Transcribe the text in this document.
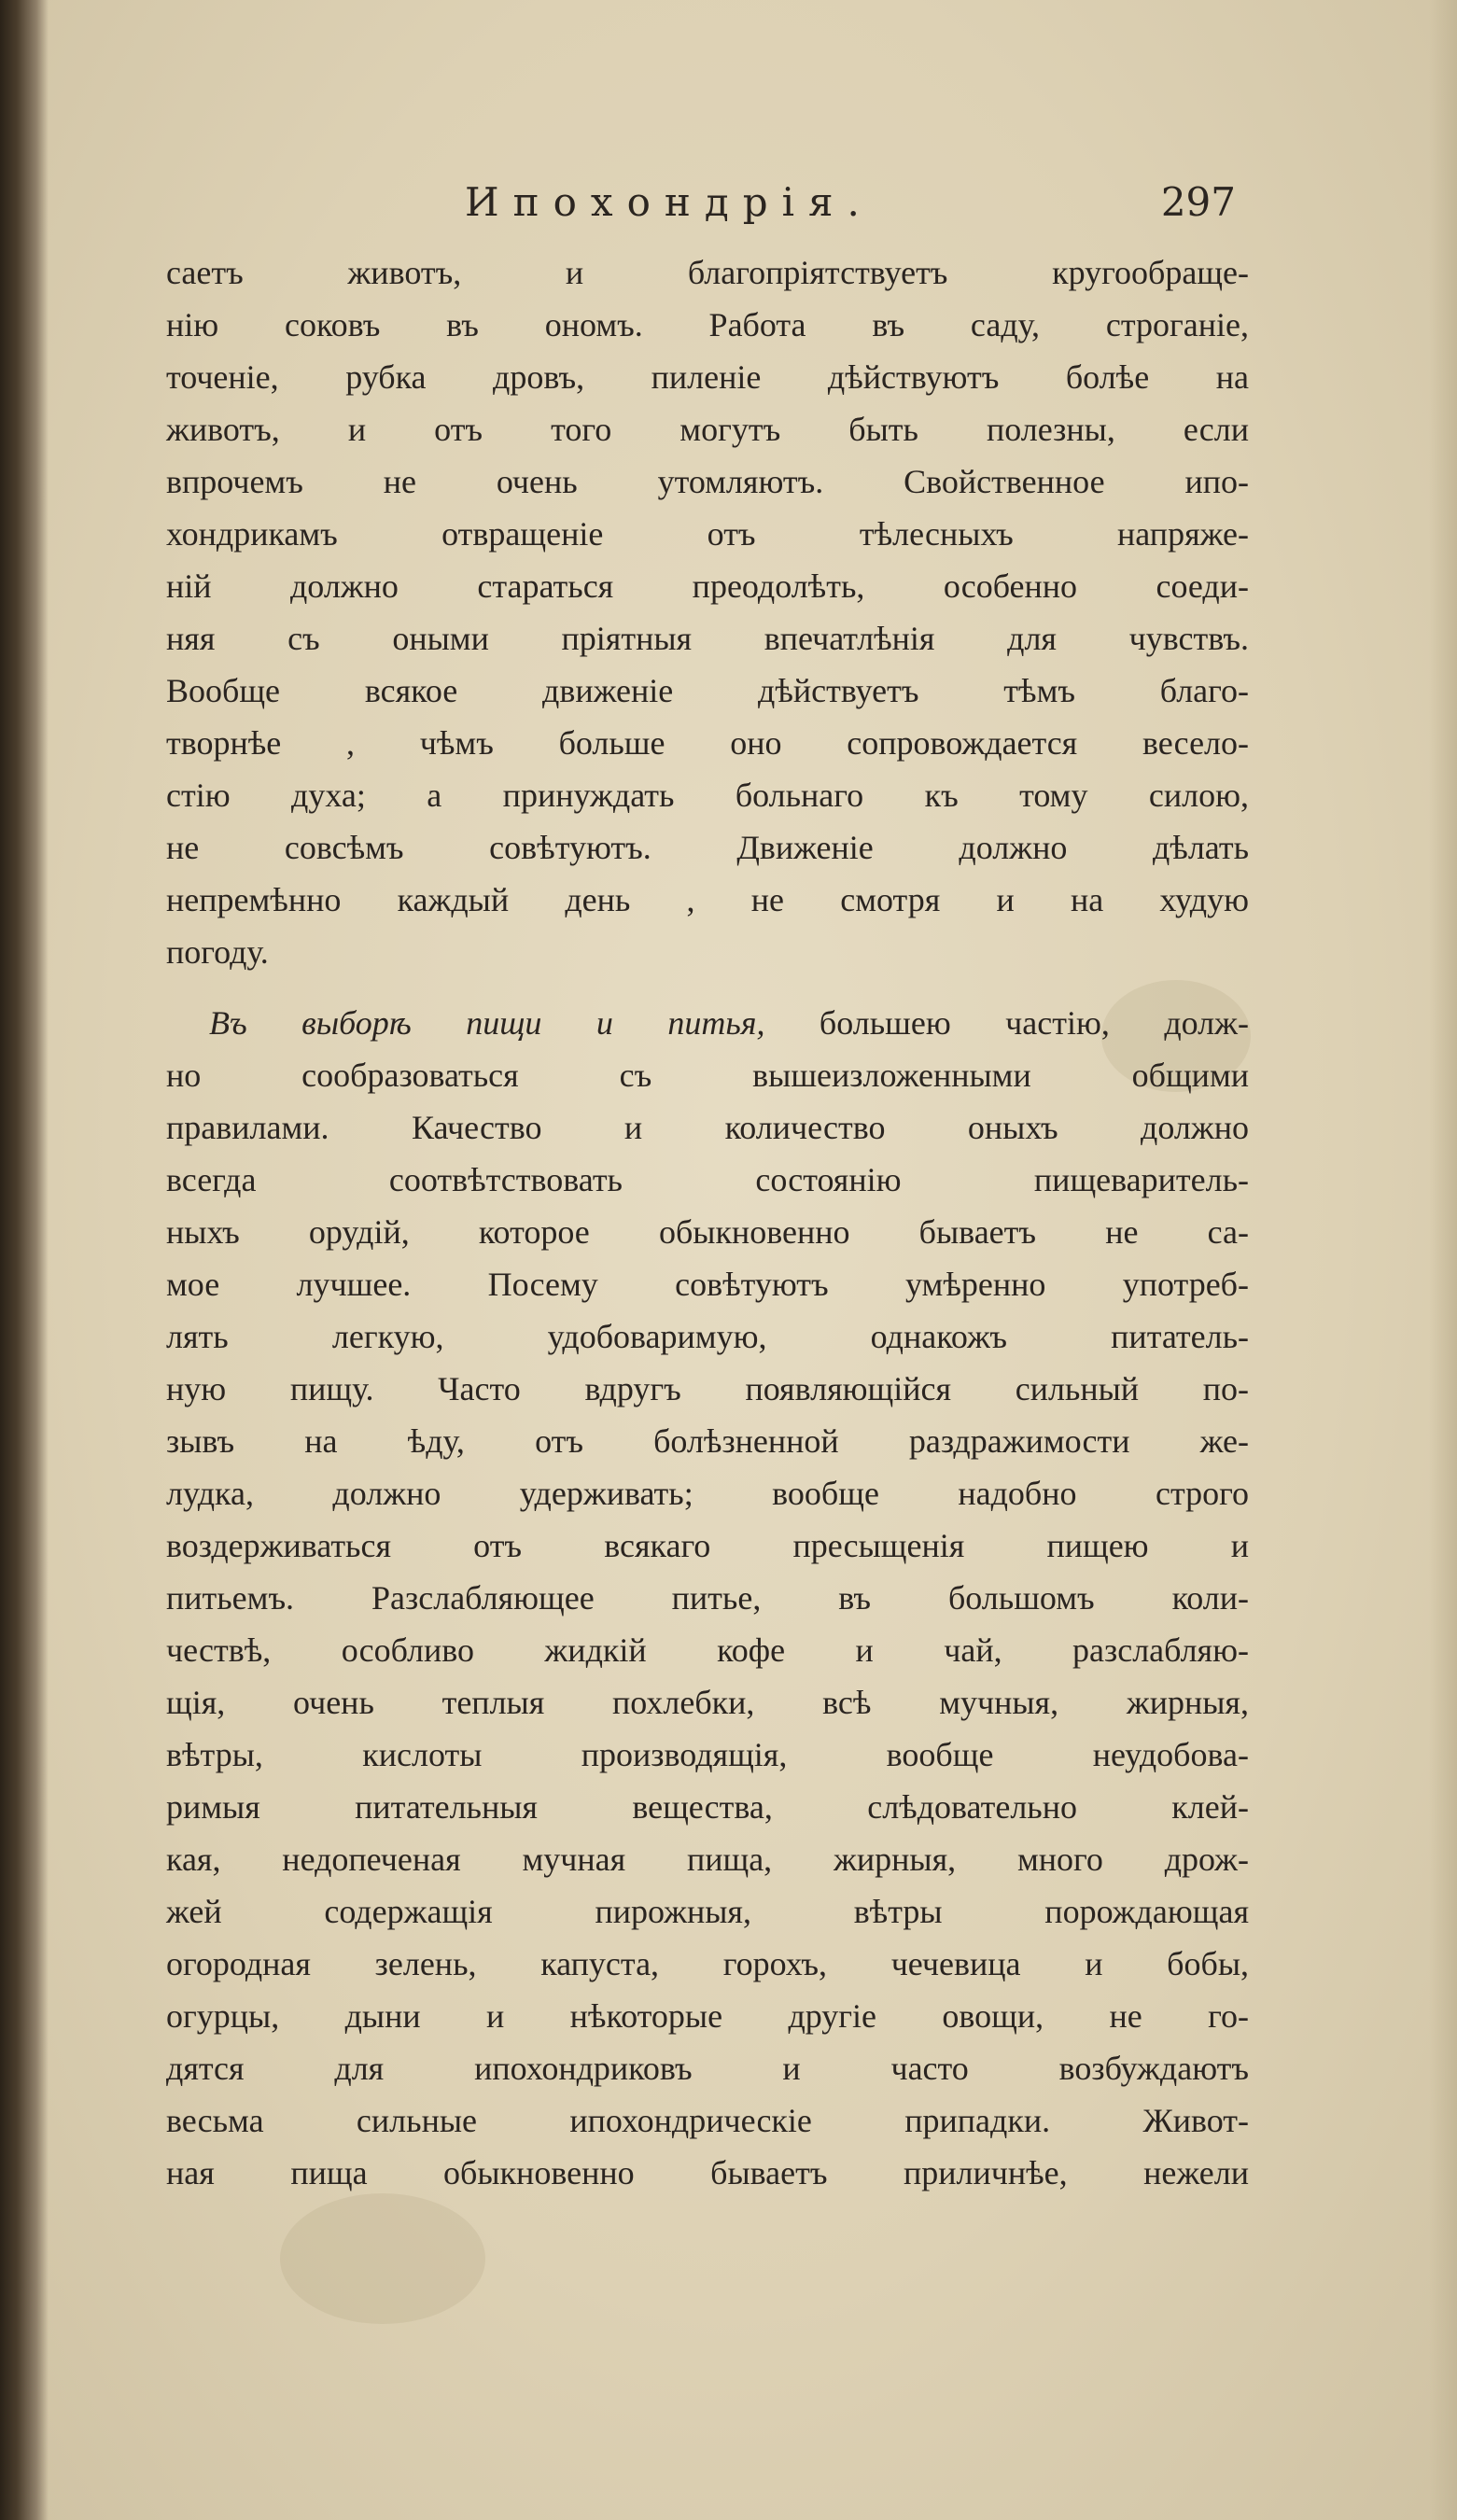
Ипохондрія.	297
саетъ животъ, и благопріятствуетъ кругообраще-
нію соковъ въ ономъ. Работа въ саду, строганіе,
точеніе, рубка дровъ, пиленіе дѣйствуютъ болѣе на
животъ, и отъ того могутъ быть полезны, если
впрочемъ не очень утомляютъ. Свойственное ипо-
хондрикамъ отвращеніе отъ тѣлесныхъ напряже-
ній должно стараться преодолѣть, особенно соеди-
няя съ оными пріятныя впечатлѣнія для чувствъ.
Вообще всякое движеніе дѣйствуетъ тѣмъ благо-
творнѣе , чѣмъ больше оно сопровождается весело-
стію духа; а принуждать больнаго къ тому силою,
не совсѣмъ совѣтуютъ. Движеніе должно дѣлать
непремѣнно каждый день , не смотря и на худую
погоду.
Въ выборѣ пищи и питья, большею частію, долж-
но сообразоваться съ вышеизложенными общими
правилами. Качество и количество оныхъ должно
всегда соотвѣтствовать состоянію пищеваритель-
ныхъ орудій, которое обыкновенно бываетъ не са-
мое лучшее. Посему совѣтуютъ умѣренно употреб-
лять легкую, удобоваримую, однакожъ питатель-
ную пищу. Часто вдругъ появляющійся сильный по-
зывъ на ѣду, отъ болѣзненной раздражимости же-
лудка, должно удерживать; вообще надобно строго
воздерживаться отъ всякаго пресыщенія пищею и
питьемъ. Разслабляющее питье, въ большомъ коли-
чествѣ, особливо жидкій кофе и чай, разслабляю-
щія, очень теплыя похлебки, всѣ мучныя, жирныя,
вѣтры, кислоты производящія, вообще неудобова-
римыя питательныя вещества, слѣдовательно клей-
кая, недопеченая мучная пища, жирныя, много дрож-
жей содержащія пирожныя, вѣтры порождающая
огородная зелень, капуста, горохъ, чечевица и бобы,
огурцы, дыни и нѣкоторые другіе овощи, не го-
дятся для ипохондриковъ и часто возбуждаютъ
весьма сильные ипохондрическіе припадки. Живот-
ная пища обыкновенно бываетъ приличнѣе, нежели
